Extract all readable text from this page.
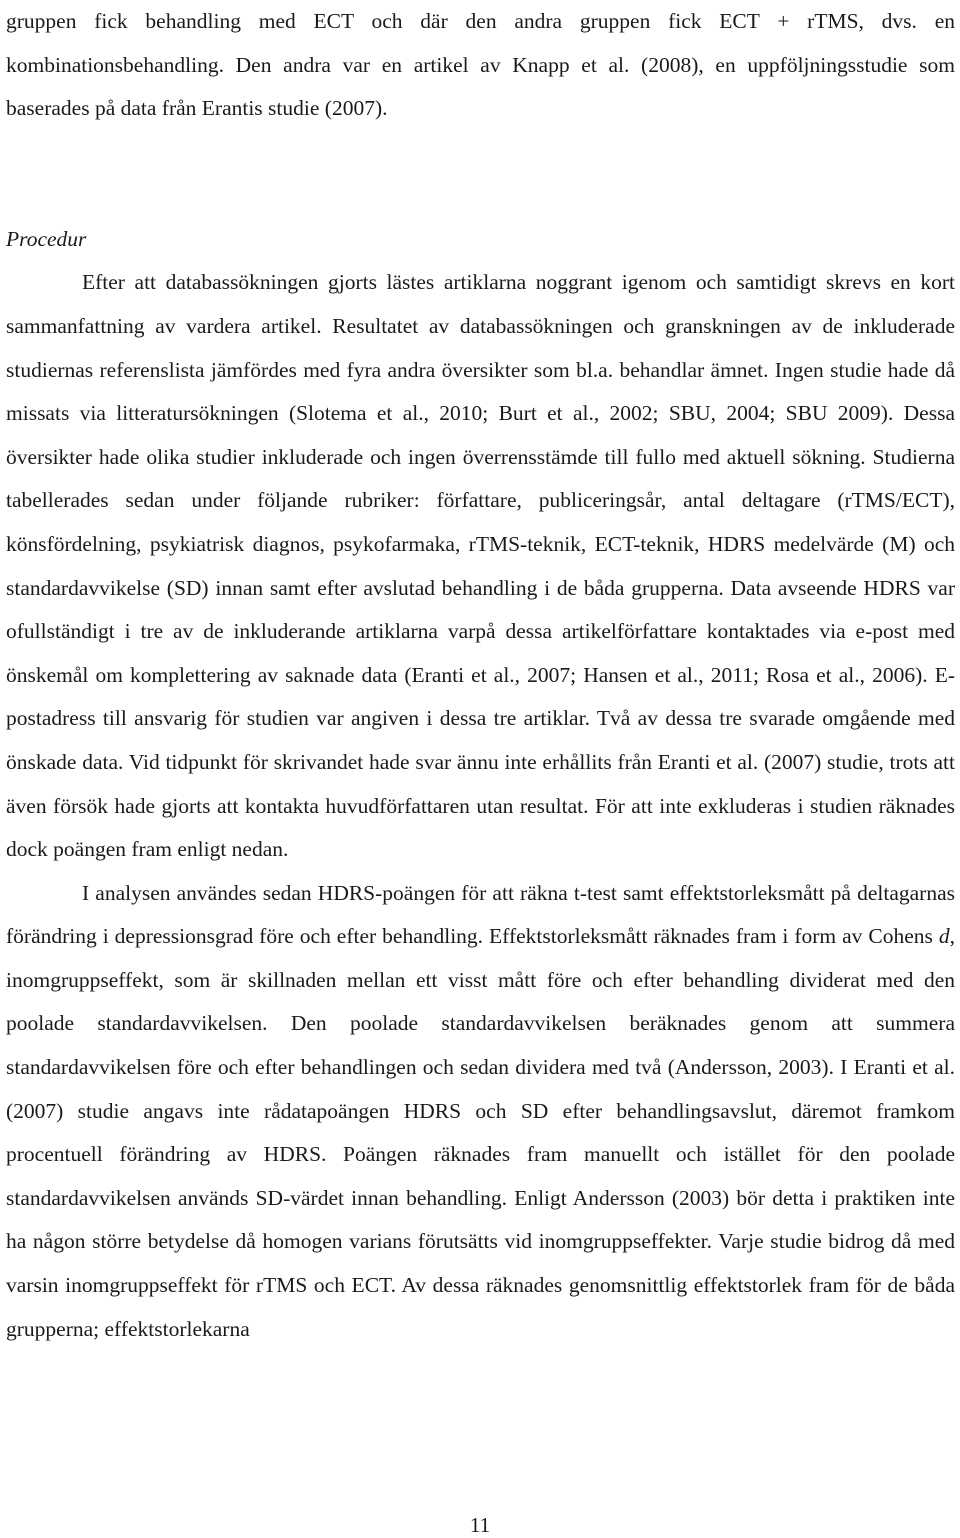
gruppen fick behandling med ECT och där den andra gruppen fick ECT + rTMS, dvs. en kombinationsbehandling. Den andra var en artikel av Knapp et al. (2008), en uppföljningsstudie som baserades på data från Erantis studie (2007).

Procedur

Efter att databassökningen gjorts lästes artiklarna noggrant igenom och samtidigt skrevs en kort sammanfattning av vardera artikel. Resultatet av databassökningen och granskningen av de inkluderade studiernas referenslista jämfördes med fyra andra översikter som bl.a. behandlar ämnet. Ingen studie hade då missats via litteratursökningen (Slotema et al., 2010; Burt et al., 2002; SBU, 2004; SBU 2009). Dessa översikter hade olika studier inkluderade och ingen överrensstämde till fullo med aktuell sökning. Studierna tabellerades sedan under följande rubriker: författare, publiceringsår, antal deltagare (rTMS/ECT), könsfördelning, psykiatrisk diagnos, psykofarmaka, rTMS-teknik, ECT-teknik, HDRS medelvärde (M) och standardavvikelse (SD) innan samt efter avslutad behandling i de båda grupperna. Data avseende HDRS var ofullständigt i tre av de inkluderande artiklarna varpå dessa artikelförfattare kontaktades via e-post med önskemål om komplettering av saknade data (Eranti et al., 2007; Hansen et al., 2011; Rosa et al., 2006). E-postadress till ansvarig för studien var angiven i dessa tre artiklar. Två av dessa tre svarade omgående med önskade data. Vid tidpunkt för skrivandet hade svar ännu inte erhållits från Eranti et al. (2007) studie, trots att även försök hade gjorts att kontakta huvudförfattaren utan resultat. För att inte exkluderas i studien räknades dock poängen fram enligt nedan.

I analysen användes sedan HDRS-poängen för att räkna t-test samt effektstorleksmått på deltagarnas förändring i depressionsgrad före och efter behandling. Effektstorleksmått räknades fram i form av Cohens d, inomgruppseffekt, som är skillnaden mellan ett visst mått före och efter behandling dividerat med den poolade standardavvikelsen. Den poolade standardavvikelsen beräknades genom att summera standardavvikelsen före och efter behandlingen och sedan dividera med två (Andersson, 2003). I Eranti et al. (2007) studie angavs inte rådatapoängen HDRS och SD efter behandlingsavslut, däremot framkom procentuell förändring av HDRS. Poängen räknades fram manuellt och istället för den poolade standardavvikelsen används SD-värdet innan behandling. Enligt Andersson (2003) bör detta i praktiken inte ha någon större betydelse då homogen varians förutsätts vid inomgruppseffekter. Varje studie bidrog då med varsin inomgruppseffekt för rTMS och ECT. Av dessa räknades genomsnittlig effektstorlek fram för de båda grupperna; effektstorlekarna

11
